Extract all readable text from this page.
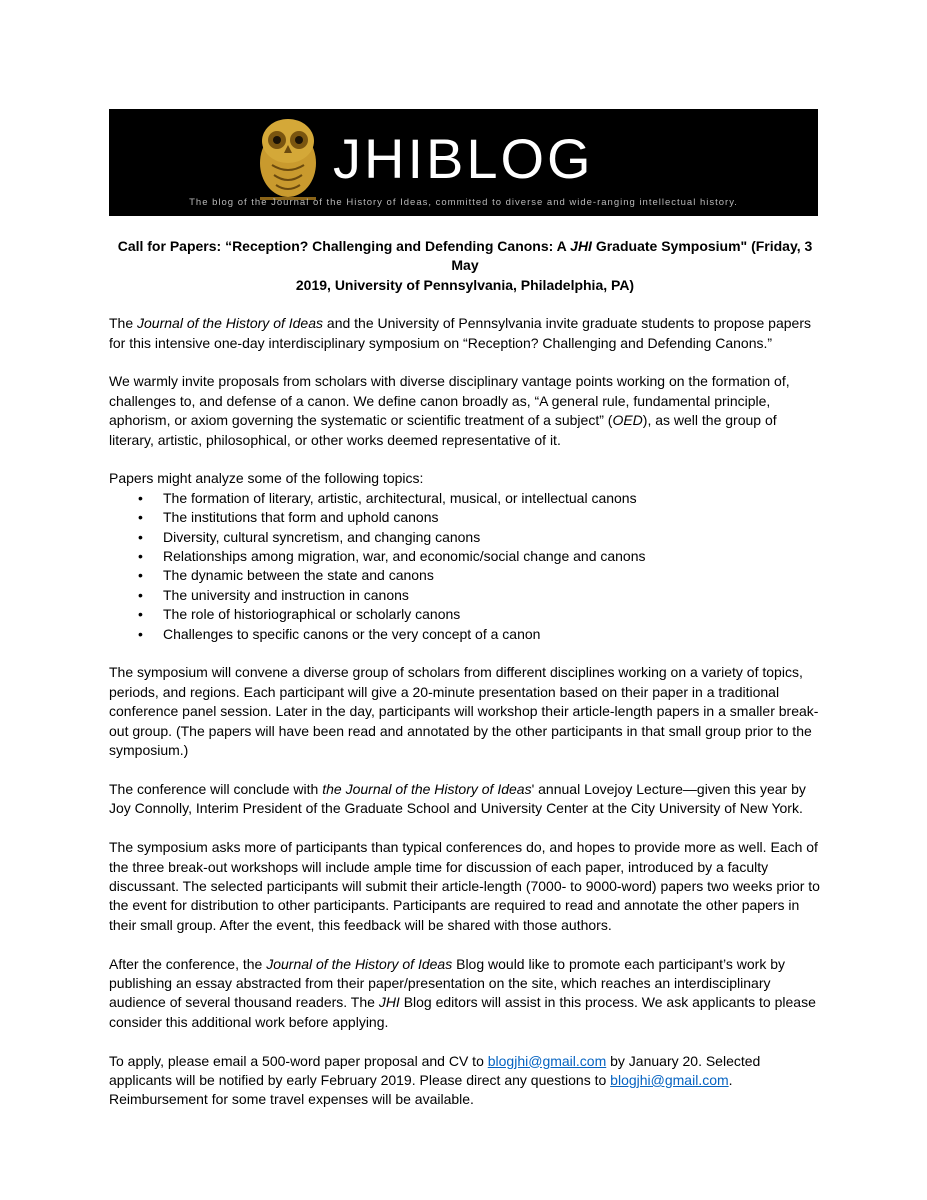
JHIBLOG
The blog of the Journal of the History of Ideas, committed to diverse and wide-ranging intellectual history.
Call for Papers: “Reception? Challenging and Defending Canons: A JHI Graduate Symposium" (Friday, 3 May
2019, University of Pennsylvania, Philadelphia, PA)

The Journal of the History of Ideas and the University of Pennsylvania invite graduate students to propose papers for this intensive one-day interdisciplinary symposium on “Reception? Challenging and Defending Canons.”

We warmly invite proposals from scholars with diverse disciplinary vantage points working on the formation of, challenges to, and defense of a canon. We define canon broadly as, “A general rule, fundamental principle, aphorism, or axiom governing the systematic or scientific treatment of a subject” (OED), as well the group of literary, artistic, philosophical, or other works deemed representative of it.

Papers might analyze some of the following topics:
• The formation of literary, artistic, architectural, musical, or intellectual canons
• The institutions that form and uphold canons
• Diversity, cultural syncretism, and changing canons
• Relationships among migration, war, and economic/social change and canons
• The dynamic between the state and canons
• The university and instruction in canons
• The role of historiographical or scholarly canons
• Challenges to specific canons or the very concept of a canon

The symposium will convene a diverse group of scholars from different disciplines working on a variety of topics, periods, and regions. Each participant will give a 20-minute presentation based on their paper in a traditional conference panel session. Later in the day, participants will workshop their article-length papers in a smaller break-out group. (The papers will have been read and annotated by the other participants in that small group prior to the symposium.)

The conference will conclude with the Journal of the History of Ideas' annual Lovejoy Lecture—given this year by Joy Connolly, Interim President of the Graduate School and University Center at the City University of New York.

The symposium asks more of participants than typical conferences do, and hopes to provide more as well. Each of the three break-out workshops will include ample time for discussion of each paper, introduced by a faculty discussant. The selected participants will submit their article-length (7000- to 9000-word) papers two weeks prior to the event for distribution to other participants. Participants are required to read and annotate the other papers in their small group. After the event, this feedback will be shared with those authors.

After the conference, the Journal of the History of Ideas Blog would like to promote each participant’s work by publishing an essay abstracted from their paper/presentation on the site, which reaches an interdisciplinary audience of several thousand readers. The JHI Blog editors will assist in this process. We ask applicants to please consider this additional work before applying.

To apply, please email a 500-word paper proposal and CV to blogjhi@gmail.com by January 20. Selected applicants will be notified by early February 2019. Please direct any questions to blogjhi@gmail.com.
Reimbursement for some travel expenses will be available.
